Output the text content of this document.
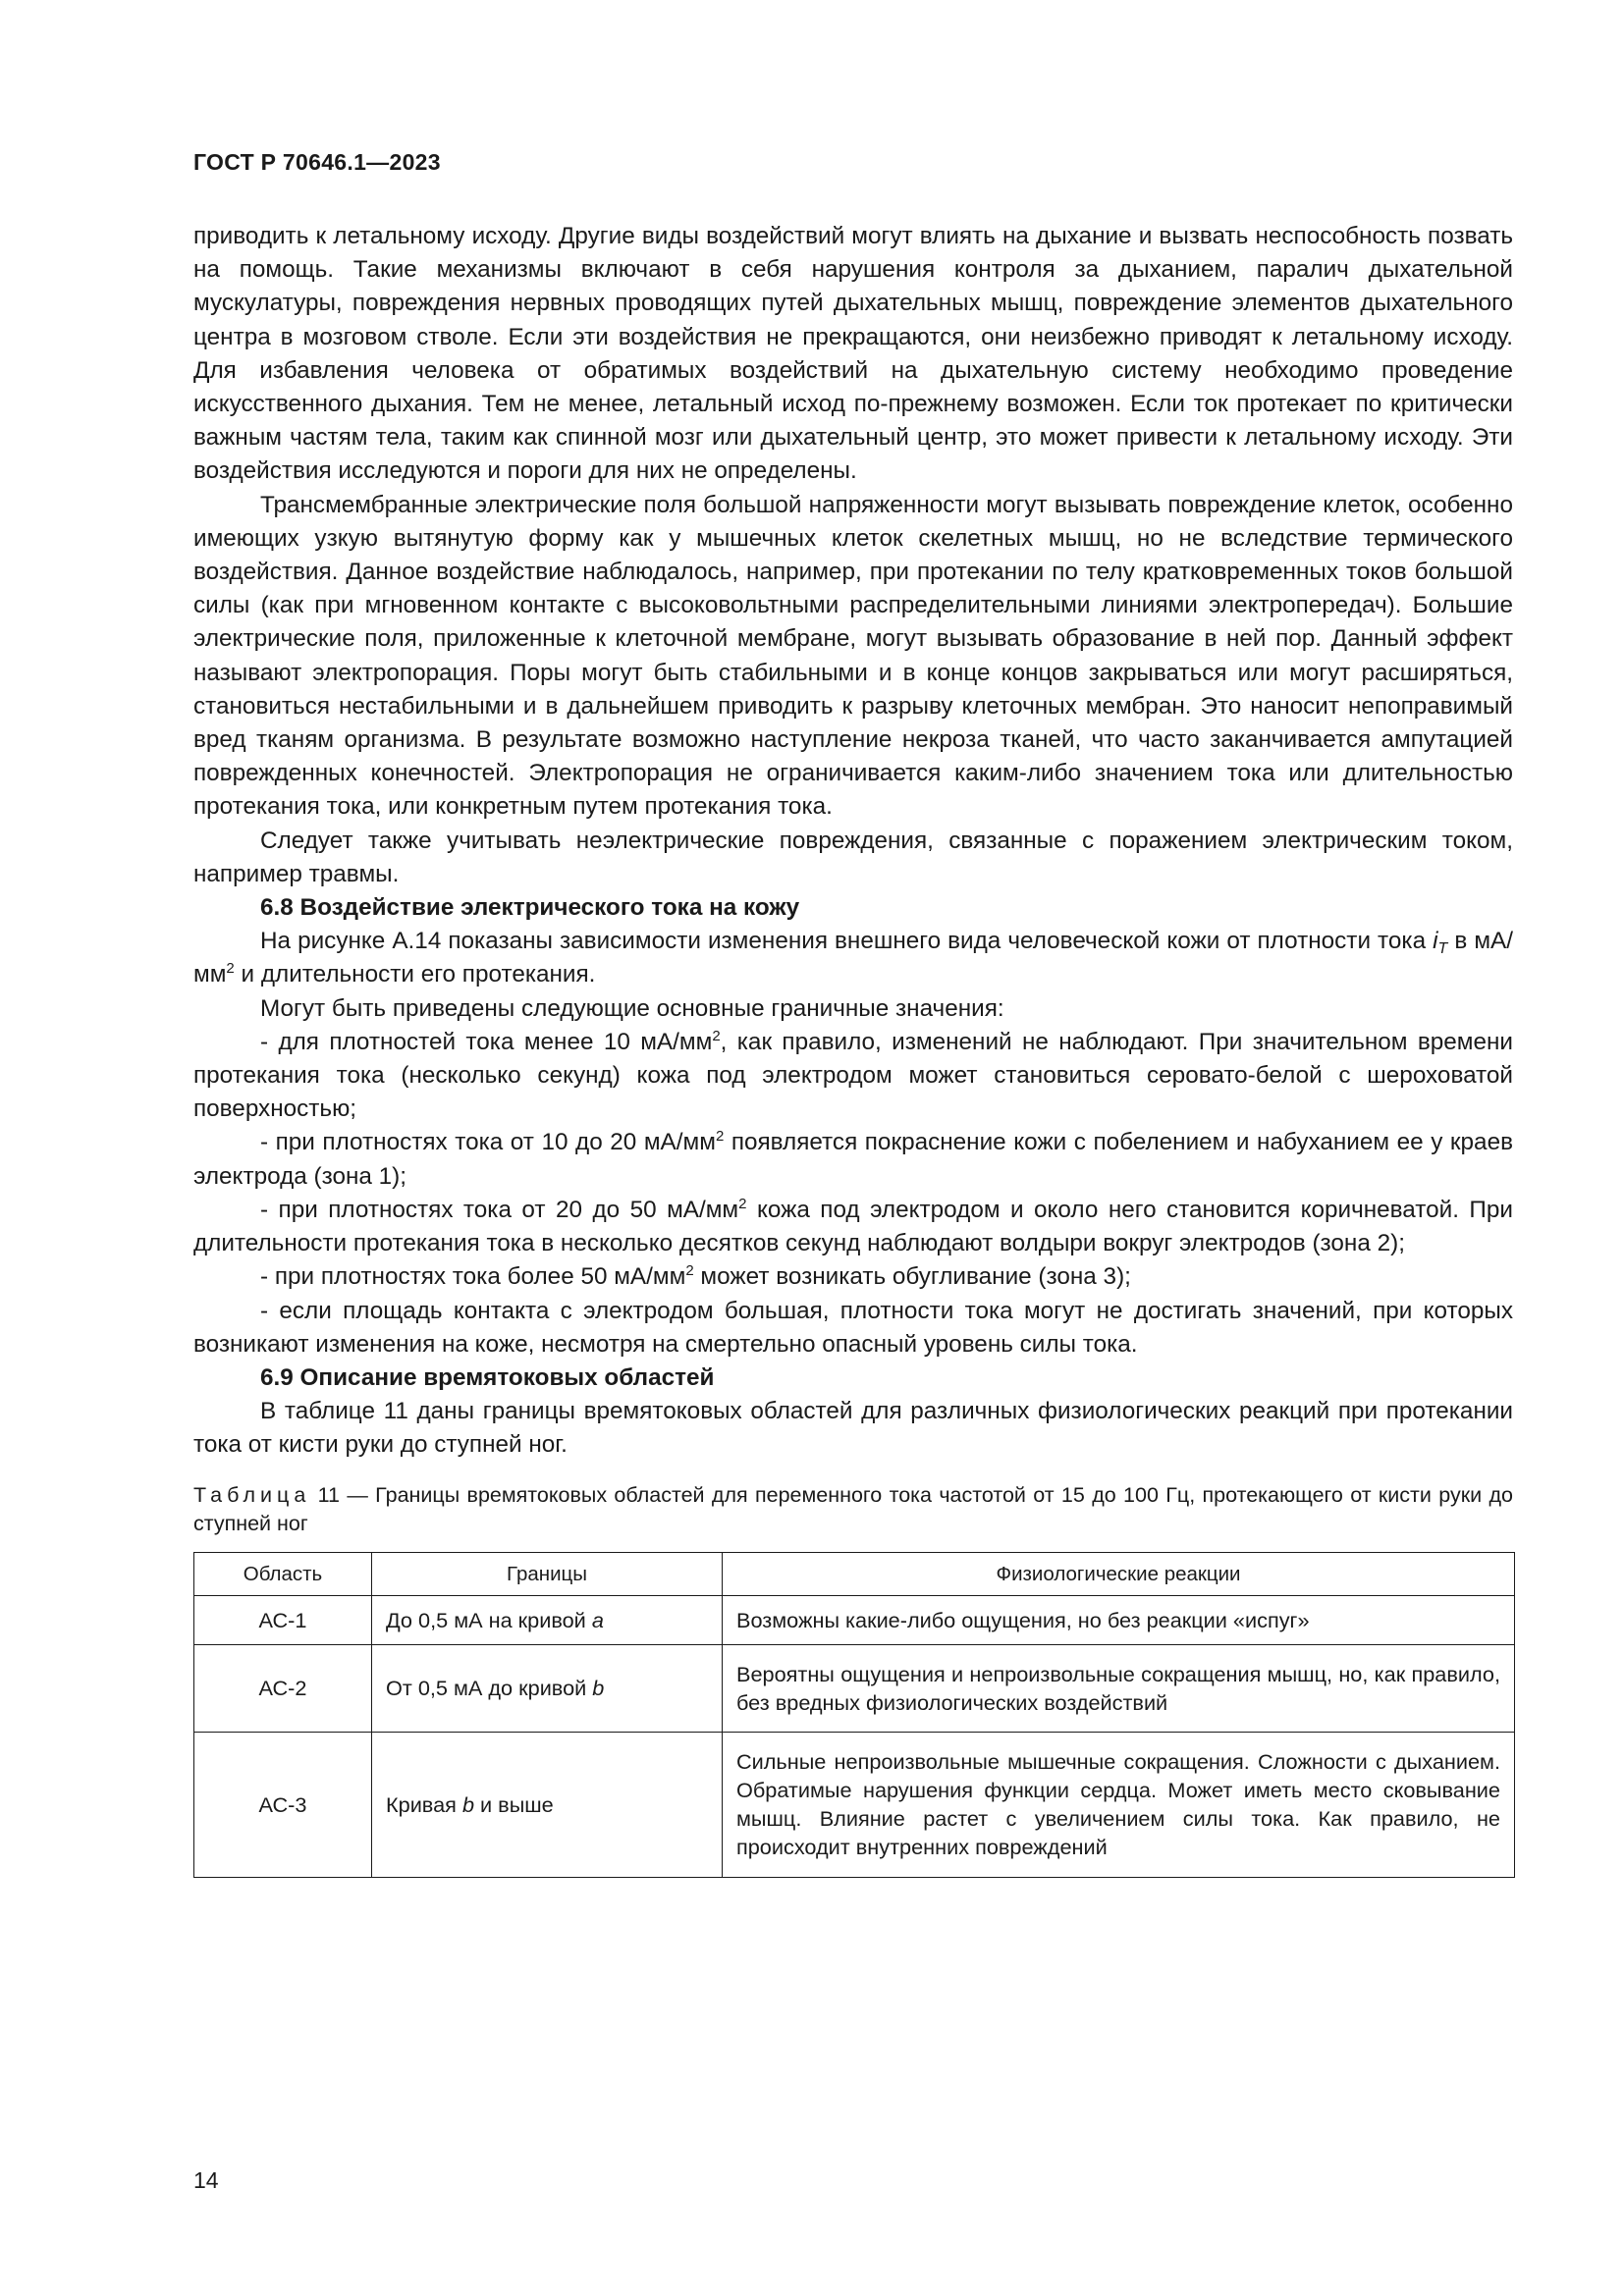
ГОСТ Р 70646.1—2023

приводить к летальному исходу. Другие виды воздействий могут влиять на дыхание и вызвать неспособность позвать на помощь. Такие механизмы включают в себя нарушения контроля за дыханием, паралич дыхательной мускулатуры, повреждения нервных проводящих путей дыхательных мышц, повреждение элементов дыхательного центра в мозговом стволе. Если эти воздействия не прекращаются, они неизбежно приводят к летальному исходу. Для избавления человека от обратимых воздействий на дыхательную систему необходимо проведение искусственного дыхания. Тем не менее, летальный исход по-прежнему возможен. Если ток протекает по критически важным частям тела, таким как спинной мозг или дыхательный центр, это может привести к летальному исходу. Эти воздействия исследуются и пороги для них не определены.

Трансмембранные электрические поля большой напряженности могут вызывать повреждение клеток, особенно имеющих узкую вытянутую форму как у мышечных клеток скелетных мышц, но не вследствие термического воздействия. Данное воздействие наблюдалось, например, при протекании по телу кратковременных токов большой силы (как при мгновенном контакте с высоковольтными распределительными линиями электропередач). Большие электрические поля, приложенные к клеточной мембране, могут вызывать образование в ней пор. Данный эффект называют электропорация. Поры могут быть стабильными и в конце концов закрываться или могут расширяться, становиться нестабильными и в дальнейшем приводить к разрыву клеточных мембран. Это наносит непоправимый вред тканям организма. В результате возможно наступление некроза тканей, что часто заканчивается ампутацией поврежденных конечностей. Электропорация не ограничивается каким-либо значением тока или длительностью протекания тока, или конкретным путем протекания тока.

Следует также учитывать неэлектрические повреждения, связанные с поражением электрическим током, например травмы.

6.8 Воздействие электрического тока на кожу

На рисунке А.14 показаны зависимости изменения внешнего вида человеческой кожи от плотности тока $i_T$ в $мА/мм^2$ и длительности его протекания.

Могут быть приведены следующие основные граничные значения:

- для плотностей тока менее 10 $мА/мм^2$, как правило, изменений не наблюдают. При значительном времени протекания тока (несколько секунд) кожа под электродом может становиться серовато-белой с шероховатой поверхностью;

- при плотностях тока от 10 до 20 $мА/мм^2$ появляется покраснение кожи с побелением и набуханием ее у краев электрода (зона 1);

- при плотностях тока от 20 до 50 $мА/мм^2$ кожа под электродом и около него становится коричневатой. При длительности протекания тока в несколько десятков секунд наблюдают волдыри вокруг электродов (зона 2);

- при плотностях тока более 50 $мА/мм^2$ может возникать обугливание (зона 3);

- если площадь контакта с электродом большая, плотности тока могут не достигать значений, при которых возникают изменения на коже, несмотря на смертельно опасный уровень силы тока.

6.9 Описание времятоковых областей

В таблице 11 даны границы времятоковых областей для различных физиологических реакций при протекании тока от кисти руки до ступней ног.

Таблица 11 — Границы времятоковых областей для переменного тока частотой от 15 до 100 Гц, протекающего от кисти руки до ступней ног

Область	Границы	Физиологические реакции
АС-1	До 0,5 мА на кривой a	Возможны какие-либо ощущения, но без реакции «испуг»
АС-2	От 0,5 мА до кривой b	Вероятны ощущения и непроизвольные сокращения мышц, но, как правило, без вредных физиологических воздействий
АС-3	Кривая b и выше	Сильные непроизвольные мышечные сокращения. Сложности с дыханием. Обратимые нарушения функции сердца. Может иметь место сковывание мышц. Влияние растет с увеличением силы тока. Как правило, не происходит внутренних повреждений
14
